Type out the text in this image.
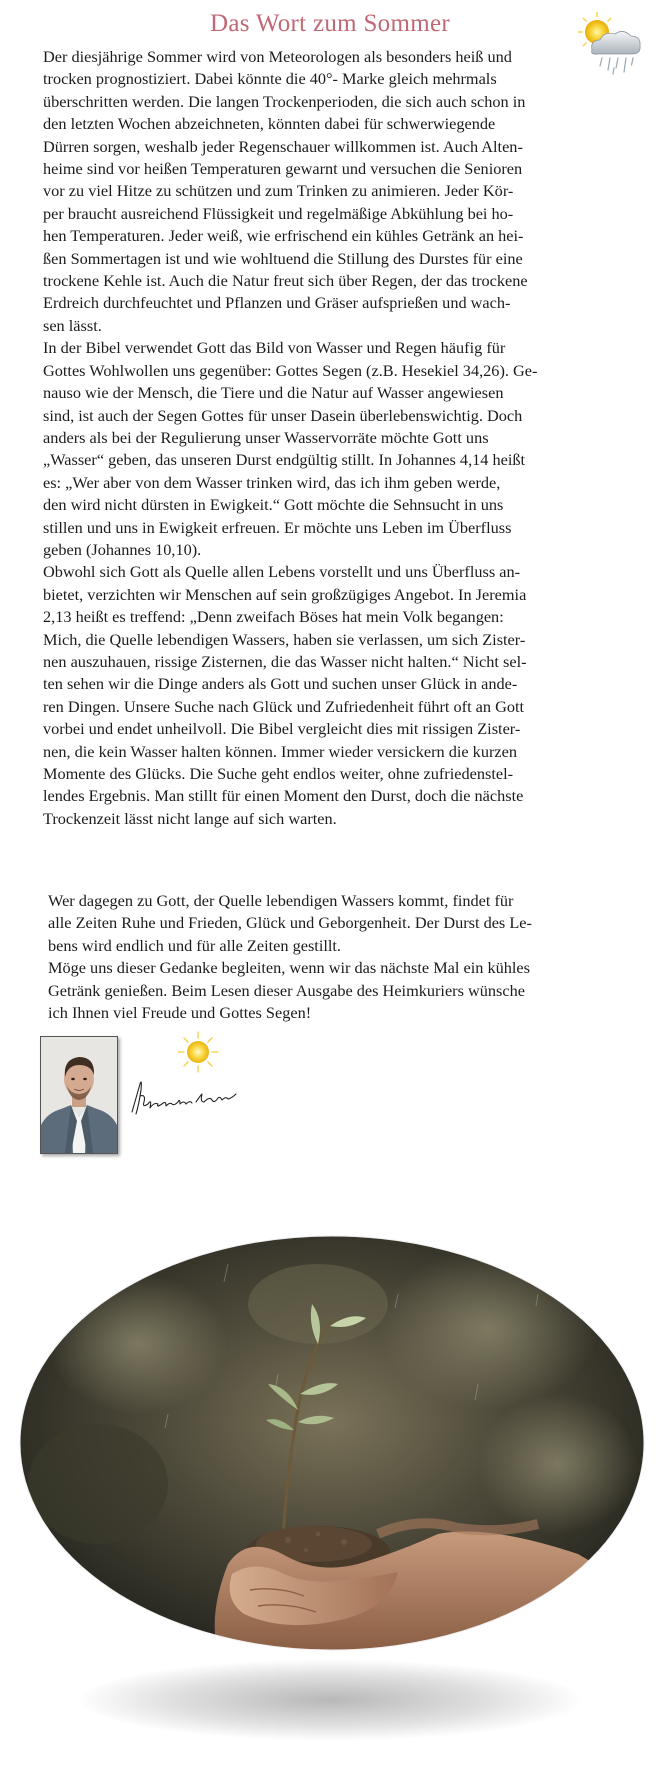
Das Wort zum Sommer

Der diesjährige Sommer wird von Meteorologen als besonders heiß und
trocken prognostiziert. Dabei könnte die 40°- Marke gleich mehrmals
überschritten werden. Die langen Trockenperioden, die sich auch schon in
den letzten Wochen abzeichneten, könnten dabei für schwerwiegende
Dürren sorgen, weshalb jeder Regenschauer willkommen ist. Auch Alten-
heime sind vor heißen Temperaturen gewarnt und versuchen die Senioren
vor zu viel Hitze zu schützen und zum Trinken zu animieren. Jeder Kör-
per braucht ausreichend Flüssigkeit und regelmäßige Abkühlung bei ho-
hen Temperaturen. Jeder weiß, wie erfrischend ein kühles Getränk an hei-
ßen Sommertagen ist und wie wohltuend die Stillung des Durstes für eine
trockene Kehle ist. Auch die Natur freut sich über Regen, der das trockene
Erdreich durchfeuchtet und Pflanzen und Gräser aufsprießen und wach-
sen lässt.

In der Bibel verwendet Gott das Bild von Wasser und Regen häufig für
Gottes Wohlwollen uns gegenüber: Gottes Segen (z.B. Hesekiel 34,26). Ge-
nauso wie der Mensch, die Tiere und die Natur auf Wasser angewiesen
sind, ist auch der Segen Gottes für unser Dasein überlebenswichtig. Doch
anders als bei der Regulierung unser Wasservorräte möchte Gott uns
„Wasser“ geben, das unseren Durst endgültig stillt. In Johannes 4,14 heißt
es: „Wer aber von dem Wasser trinken wird, das ich ihm geben werde,
den wird nicht dürsten in Ewigkeit.“ Gott möchte die Sehnsucht in uns
stillen und uns in Ewigkeit erfreuen. Er möchte uns Leben im Überfluss
geben (Johannes 10,10).

Obwohl sich Gott als Quelle allen Lebens vorstellt und uns Überfluss an-
bietet, verzichten wir Menschen auf sein großzügiges Angebot. In Jeremia
2,13 heißt es treffend: „Denn zweifach Böses hat mein Volk begangen:
Mich, die Quelle lebendigen Wassers, haben sie verlassen, um sich Zister-
nen auszuhauen, rissige Zisternen, die das Wasser nicht halten.“ Nicht sel-
ten sehen wir die Dinge anders als Gott und suchen unser Glück in ande-
ren Dingen. Unsere Suche nach Glück und Zufriedenheit führt oft an Gott
vorbei und endet unheilvoll. Die Bibel vergleicht dies mit rissigen Zister-
nen, die kein Wasser halten können. Immer wieder versickern die kurzen
Momente des Glücks. Die Suche geht endlos weiter, ohne zufriedenstel-
lendes Ergebnis. Man stillt für einen Moment den Durst, doch die nächste
Trockenzeit lässt nicht lange auf sich warten.

Wer dagegen zu Gott, der Quelle lebendigen Wassers kommt, findet für
alle Zeiten Ruhe und Frieden, Glück und Geborgenheit. Der Durst des Le-
bens wird endlich und für alle Zeiten gestillt.

Möge uns dieser Gedanke begleiten, wenn wir das nächste Mal ein kühles
Getränk genießen. Beim Lesen dieser Ausgabe des Heimkuriers wünsche
ich Ihnen viel Freude und Gottes Segen!
